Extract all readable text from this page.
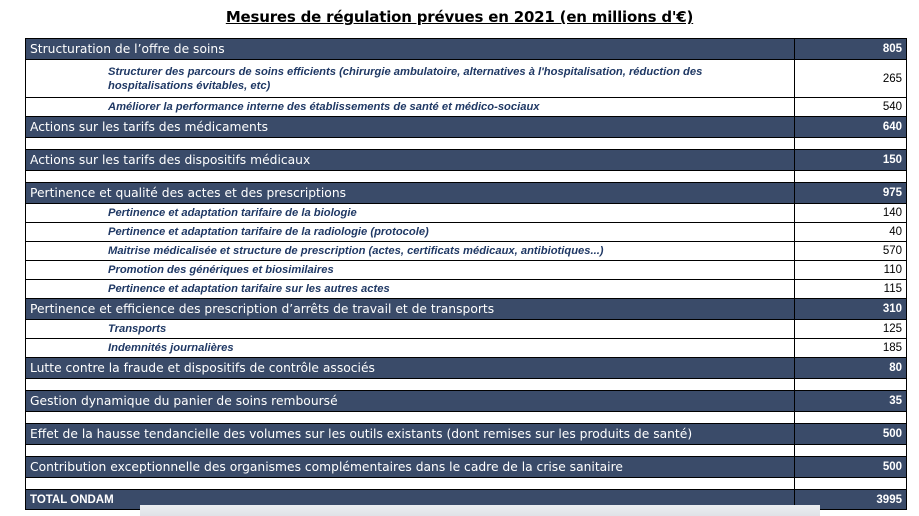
Mesures de régulation prévues en 2021 (en millions d'€)
Structuration de l’offre de soins	805
Structurer des parcours de soins efficients (chirurgie ambulatoire, alternatives à l'hospitalisation, réduction des hospitalisations évitables, etc)	265
Améliorer la performance interne des établissements de santé et médico-sociaux	540
Actions sur les tarifs des médicaments	640

Actions sur les tarifs des dispositifs médicaux	150

Pertinence et qualité des actes et des prescriptions	975
Pertinence et adaptation tarifaire de la biologie	140
Pertinence et adaptation tarifaire de la radiologie (protocole)	40
Maitrise médicalisée et structure de prescription (actes, certificats médicaux, antibiotiques...)	570
Promotion des génériques et biosimilaires	110
Pertinence et adaptation tarifaire sur les autres actes	115
Pertinence et efficience des prescription d’arrêts de travail et de transports	310
Transports	125
Indemnités journalières	185
Lutte contre la fraude et dispositifs de contrôle associés	80

Gestion dynamique du panier de soins remboursé	35

Effet de la hausse tendancielle des volumes sur les outils existants (dont remises sur les produits de santé)	500

Contribution exceptionnelle des organismes complémentaires dans le cadre de la crise sanitaire	500

TOTAL ONDAM	3995
